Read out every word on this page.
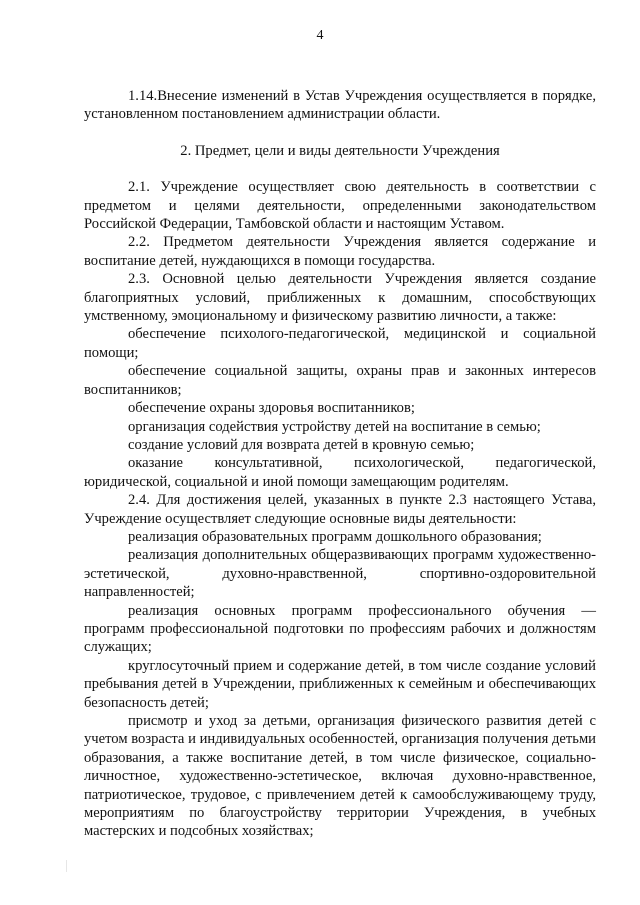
4

1.14.Внесение изменений в Устав Учреждения осуществляется в порядке, установленном постановлением администрации области.

2. Предмет, цели и виды деятельности Учреждения

2.1. Учреждение осуществляет свою деятельность в соответствии с предметом и целями деятельности, определенными законодательством Российской Федерации, Тамбовской области и настоящим Уставом.

2.2. Предметом деятельности Учреждения является содержание и воспитание детей, нуждающихся в помощи государства.

2.3. Основной целью деятельности Учреждения является создание благоприятных условий, приближенных к домашним, способствующих умственному, эмоциональному и физическому развитию личности, а также:

обеспечение психолого-педагогической, медицинской и социальной помощи;

обеспечение социальной защиты, охраны прав и законных интересов воспитанников;

обеспечение охраны здоровья воспитанников;

организация содействия устройству детей на воспитание в семью;

создание условий для возврата детей в кровную семью;

оказание консультативной, психологической, педагогической, юридической, социальной и иной помощи замещающим родителям.

2.4. Для достижения целей, указанных в пункте 2.3 настоящего Устава, Учреждение осуществляет следующие основные виды деятельности:

реализация образовательных программ дошкольного образования;

реализация дополнительных общеразвивающих программ художественно-эстетической, духовно-нравственной, спортивно-оздоровительной направленностей;

реализация основных программ профессионального обучения — программ профессиональной подготовки по профессиям рабочих и должностям служащих;

круглосуточный прием и содержание детей, в том числе создание условий пребывания детей в Учреждении, приближенных к семейным и обеспечивающих безопасность детей;

присмотр и уход за детьми, организация физического развития детей с учетом возраста и индивидуальных особенностей, организация получения детьми образования, а также воспитание детей, в том числе физическое, социально-личностное, художественно-эстетическое, включая духовно-нравственное, патриотическое, трудовое, с привлечением детей к самообслуживающему труду, мероприятиям по благоустройству территории Учреждения, в учебных мастерских и подсобных хозяйствах;
